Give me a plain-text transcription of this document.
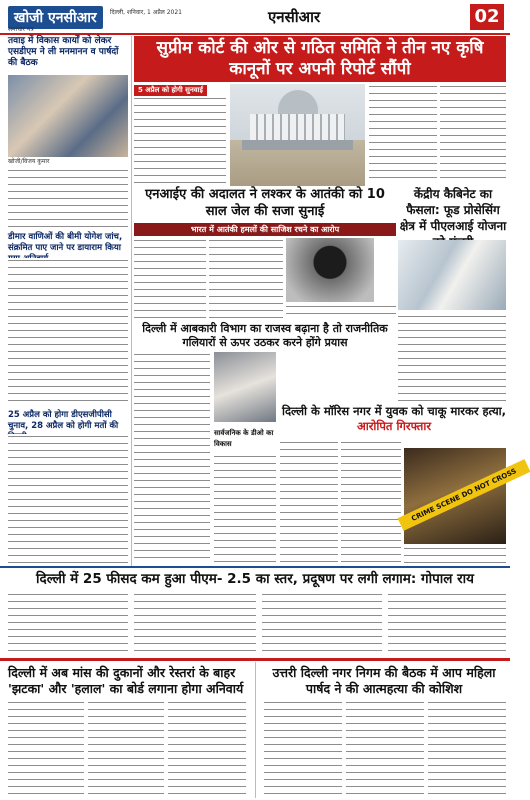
खोजी एनसीआर
समाचार पत्र
दिल्ली, शनिवार, 1 अप्रैल 2021	एनसीआर	02
तवाइ में विकास कार्यों को लेकर एसडीएम ने ली मनमानन व पार्षदों की बैठक
खोजी/विजय कुमार
डीमार वाणिओं की बीमी योगेश जांच, संक्रमित पाए जाने पर डायाराम किया
25 अप्रैल को होगा डीएसजीपीसी चुनाव, 28 अप्रैल को होगी मतों की
सुप्रीम कोर्ट की ओर से गठित समिति ने तीन नए कृषि कानूनों पर अपनी रिपोर्ट सौंपी
5 अप्रैल को होगी सुनवाई
एनआईए की अदालत ने लश्कर के आतंकी को 10 साल जेल की सजा सुनाई
भारत में आतंकी हमलों की साजिश रचने का आरोप
केंद्रीय कैबिनेट का फैसला: फूड प्रोसेसिंग क्षेत्र में पीएलआई योजना
दिल्ली में आबकारी विभाग का राजस्व बढ़ाना है तो राजनीतिक गलियारों से ऊपर उठकर करने होंगे प्रयास
सार्वजनिक के डीओ का विकास
दिल्ली के मॉरिस नगर में युवक को चाकू मारकर हत्या, आरोपित गिरफ्तार
CRIME SCENE DO NOT CROSS
दिल्ली में 25 फीसद कम हुआ पीएम- 2.5 का स्तर, प्रदूषण पर लगी लगाम: गोपाल राय
दिल्ली में अब मांस की दुकानों और रेस्तरां के बाहर 'झटका' और 'हलाल' का बोर्ड लगाना होगा अनिवार्य
उत्तरी दिल्ली नगर निगम की बैठक में आप महिला पार्षद ने की आत्महत्या की कोशिश
